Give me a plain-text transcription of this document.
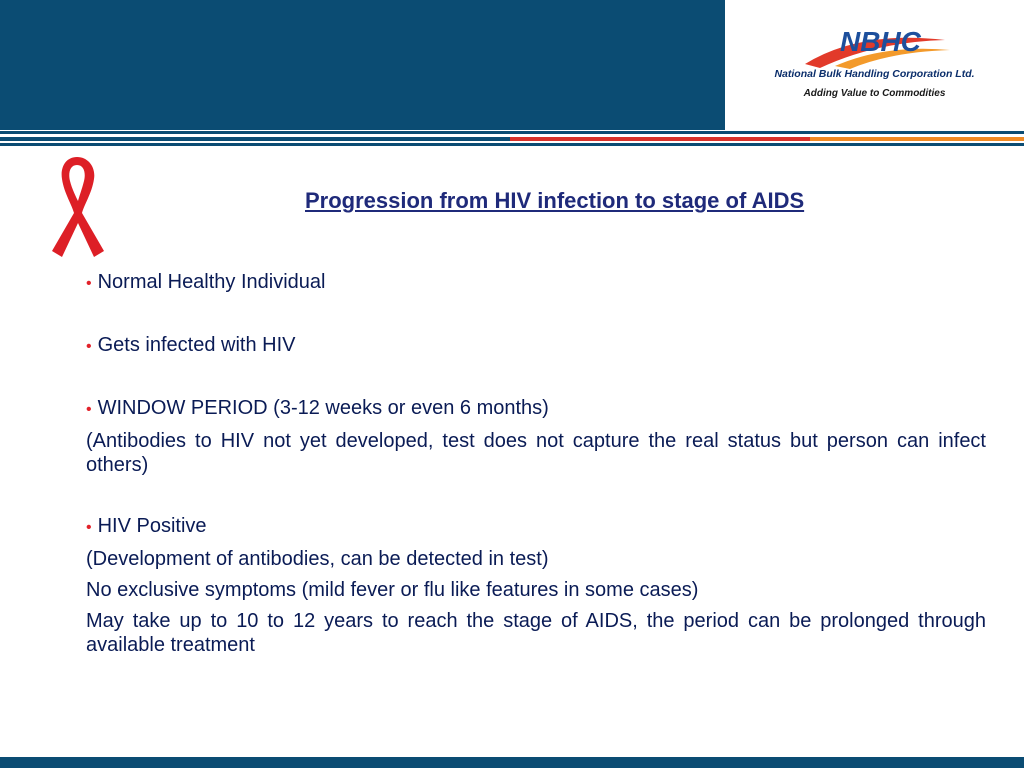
NBHC
National Bulk Handling Corporation Ltd.
Adding Value to Commodities
Progression from HIV infection to stage of AIDS

• Normal Healthy Individual

• Gets infected with HIV

• WINDOW PERIOD (3-12 weeks or even 6 months)

(Antibodies to HIV not yet developed, test does not capture the real status but person can infect others)

• HIV Positive

(Development of antibodies, can be detected in test)

No exclusive symptoms (mild fever or flu like features in some cases)

May take up to 10 to 12 years to reach the stage of AIDS, the period can be prolonged through available treatment
